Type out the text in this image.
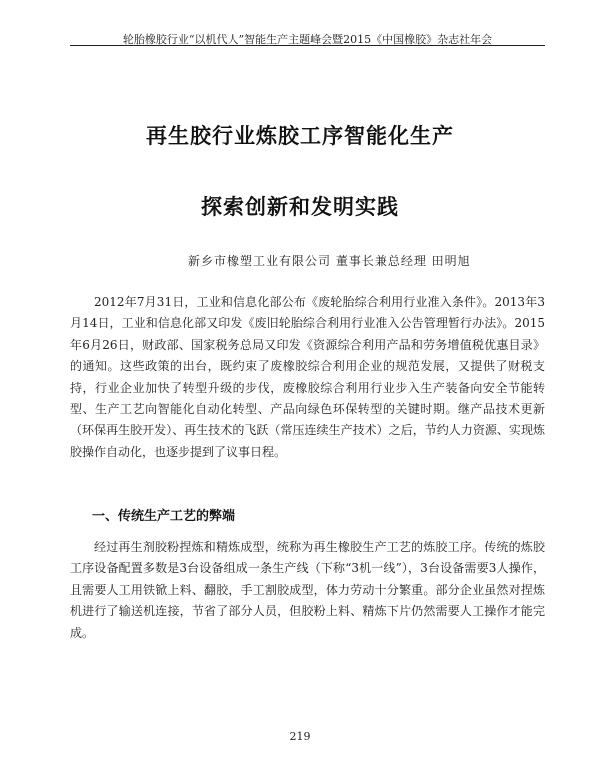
轮胎橡胶行业“以机代人”智能生产主题峰会暨2015《中国橡胶》杂志社年会
再生胶行业炼胶工序智能化生产
探索创新和发明实践
新乡市橡塑工业有限公司 董事长兼总经理 田明旭

2012年7月31日，工业和信息化部公布《废轮胎综合利用行业准入条件》。2013年3月14日，工业和信息化部又印发《废旧轮胎综合利用行业准入公告管理暂行办法》。2015年6月26日，财政部、国家税务总局又印发《资源综合利用产品和劳务增值税优惠目录》的通知。这些政策的出台，既约束了废橡胶综合利用企业的规范发展，又提供了财税支持，行业企业加快了转型升级的步伐，废橡胶综合利用行业步入生产装备向安全节能转型、生产工艺向智能化自动化转型、产品向绿色环保转型的关键时期。继产品技术更新（环保再生胶开发）、再生技术的飞跃（常压连续生产技术）之后，节约人力资源、实现炼胶操作自动化，也逐步提到了议事日程。

一、传统生产工艺的弊端

经过再生剂胶粉捏炼和精炼成型，统称为再生橡胶生产工艺的炼胶工序。传统的炼胶工序设备配置多数是3台设备组成一条生产线（下称“3机一线”），3台设备需要3人操作，且需要人工用铁锨上料、翻胶，手工割胶成型，体力劳动十分繁重。部分企业虽然对捏炼机进行了输送机连接，节省了部分人员，但胶粉上料、精炼下片仍然需要人工操作才能完成。

219
